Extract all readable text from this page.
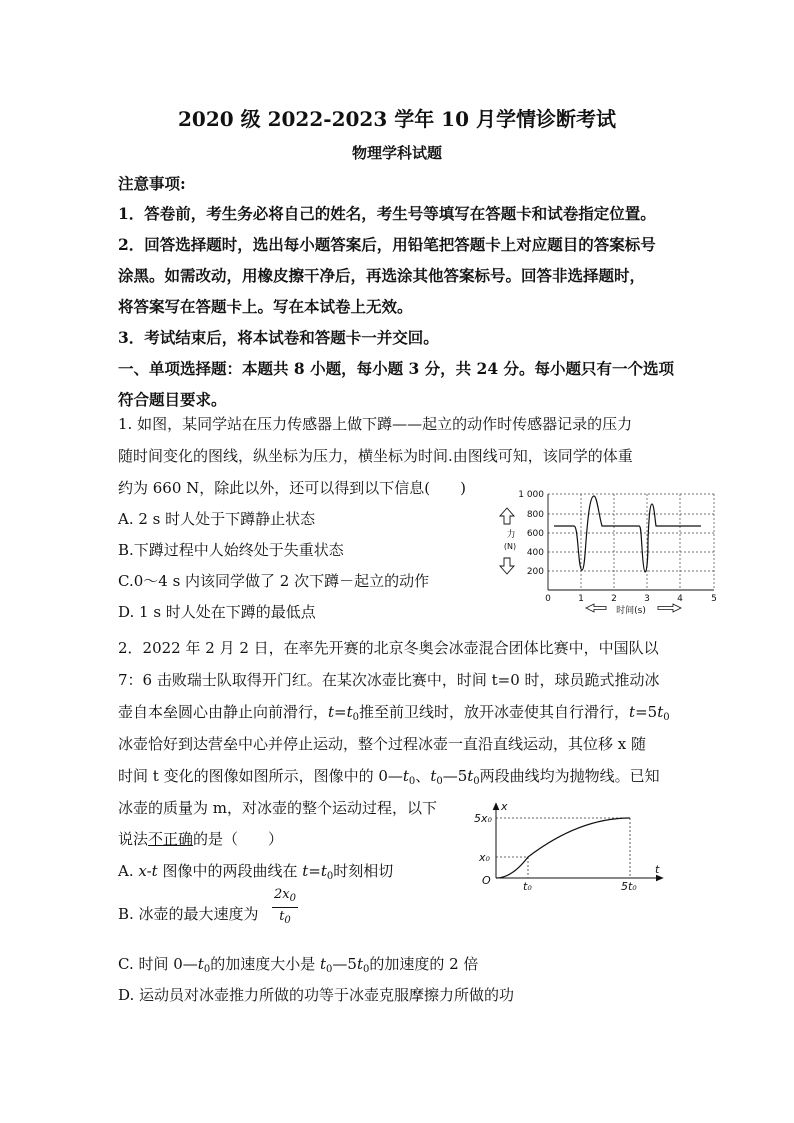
2020 级 2022-2023 学年 10 月学情诊断考试
物理学科试题
注意事项:
1．答卷前，考生务必将自己的姓名，考生号等填写在答题卡和试卷指定位置。
2．回答选择题时，选出每小题答案后，用铅笔把答题卡上对应题目的答案标号
涂黑。如需改动，用橡皮擦干净后，再选涂其他答案标号。回答非选择题时，
将答案写在答题卡上。写在本试卷上无效。
3．考试结束后，将本试卷和答题卡一并交回。
一、单项选择题：本题共 8 小题，每小题 3 分，共 24 分。每小题只有一个选项
符合题目要求。
1. 如图，某同学站在压力传感器上做下蹲——起立的动作时传感器记录的压力
随时间变化的图线，纵坐标为压力，横坐标为时间.由图线可知，该同学的体重
约为 660 N，除此以外，还可以得到以下信息(　　)
A. 2 s 时人处于下蹲静止状态
B.下蹲过程中人始终处于失重状态
C.0～4 s 内该同学做了 2 次下蹲－起立的动作
D. 1 s 时人处在下蹲的最低点
1 000
800
600
400
200
0	1	2	3	4	5
时间(s)
力
(N)
2．2022 年 2 月 2 日，在率先开赛的北京冬奥会冰壶混合团体比赛中，中国队以
7：6 击败瑞士队取得开门红。在某次冰壶比赛中，时间 t=0 时，球员跪式推动冰
壶自本垒圆心由静止向前滑行，$t=t_0$推至前卫线时，放开冰壶使其自行滑行，$t=5t_0$
冰壶恰好到达营垒中心并停止运动，整个过程冰壶一直沿直线运动，其位移 x 随
时间 t 变化的图像如图所示，图像中的 $0—t_0$、$t_0—5t_0$两段曲线均为抛物线。已知
冰壶的质量为 m，对冰壶的整个运动过程，以下
说法不正确的是（　　）
A. x-t 图像中的两段曲线在 $t=t_0$时刻相切
B. 冰壶的最大速度为 $\frac{2x_0}{t_0}$
C. 时间 $0—t_0$的加速度大小是 $t_0—5t_0$的加速度的 2 倍
D. 运动员对冰壶推力所做的功等于冰壶克服摩擦力所做的功
x
t
O
5x₀
x₀
t₀	5t₀
